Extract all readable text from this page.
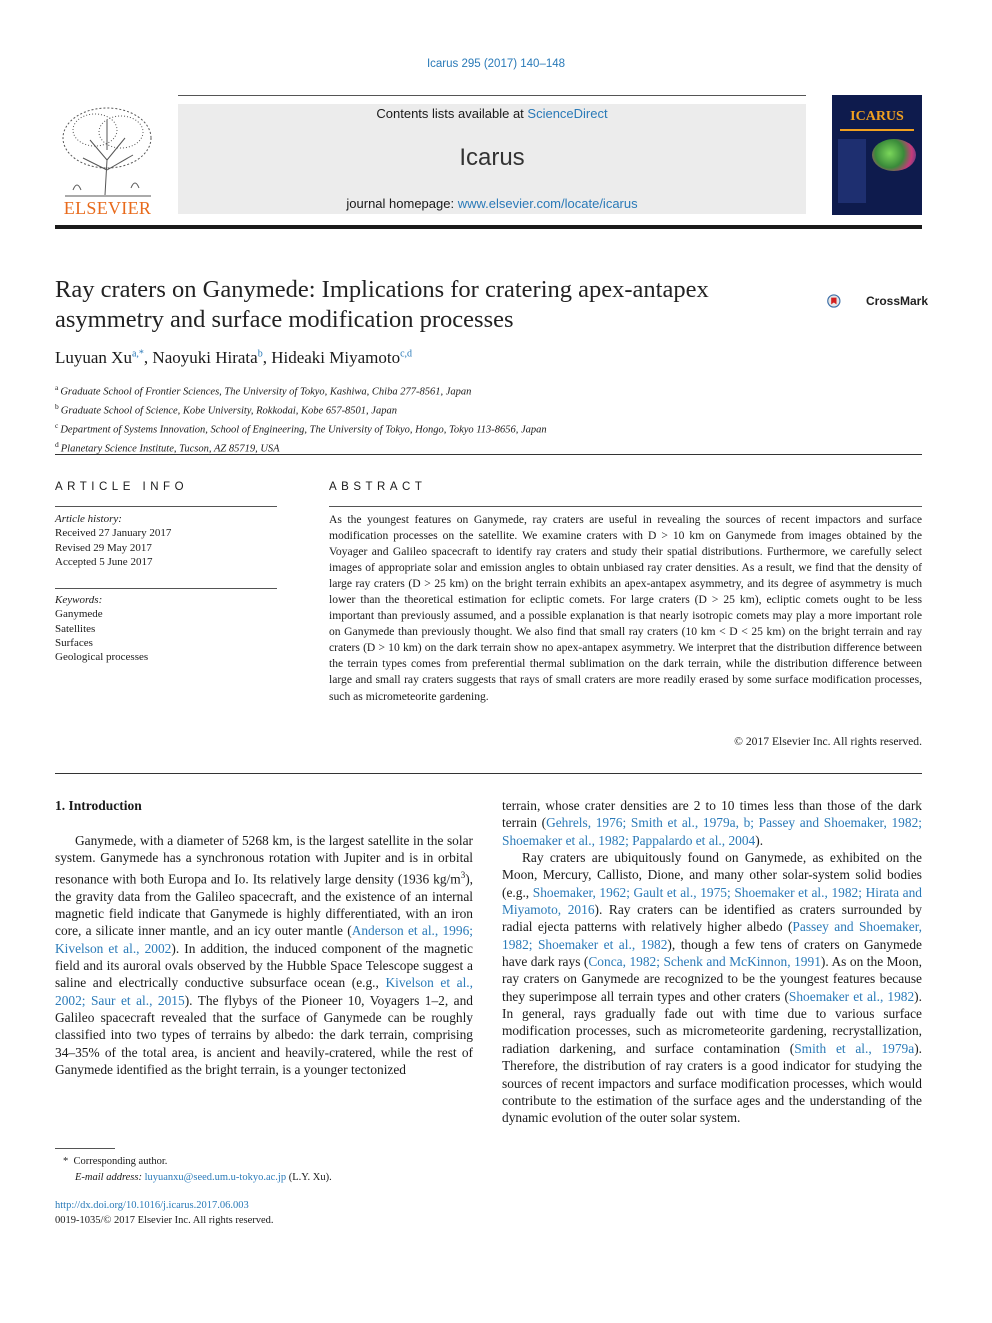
Icarus 295 (2017) 140–148
ELSEVIER
Contents lists available at ScienceDirect
Icarus
journal homepage: www.elsevier.com/locate/icarus
ICARUS
Ray craters on Ganymede: Implications for cratering apex-antapex asymmetry and surface modification processes
CrossMark
Luyuan $Xu^{a,*}$, Naoyuki Hirata$^b$, Hideaki Miyamoto$^{c,d}$
$^a$ Graduate School of Frontier Sciences, The University of Tokyo, Kashiwa, Chiba 277-8561, Japan
$^b$ Graduate School of Science, Kobe University, Rokkodai, Kobe 657-8501, Japan
$^c$ Department of Systems Innovation, School of Engineering, The University of Tokyo, Hongo, Tokyo 113-8656, Japan
$^d$ Planetary Science Institute, Tucson, AZ 85719, USA
ARTICLE INFO
Article history:
Received 27 January 2017
Revised 29 May 2017
Accepted 5 June 2017
Keywords:
Ganymede
Satellites
Surfaces
Geological processes
ABSTRACT
As the youngest features on Ganymede, ray craters are useful in revealing the sources of recent impactors and surface modification processes on the satellite. We examine craters with D > 10 km on Ganymede from images obtained by the Voyager and Galileo spacecraft to identify ray craters and study their spatial distributions. Furthermore, we carefully select images of appropriate solar and emission angles to obtain unbiased ray crater densities. As a result, we find that the density of large ray craters (D > 25 km) on the bright terrain exhibits an apex-antapex asymmetry, and its degree of asymmetry is much lower than the theoretical estimation for ecliptic comets. For large craters (D > 25 km), ecliptic comets ought to be less important than previously assumed, and a possible explanation is that nearly isotropic comets may play a more important role on Ganymede than previously thought. We also find that small ray craters (10 km < D < 25 km) on the bright terrain and ray craters (D > 10 km) on the dark terrain show no apex-antapex asymmetry. We interpret that the distribution difference between the terrain types comes from preferential thermal sublimation on the dark terrain, while the distribution difference between large and small ray craters suggests that rays of small craters are more readily erased by some surface modification processes, such as micrometeorite gardening.
© 2017 Elsevier Inc. All rights reserved.
1. Introduction

Ganymede, with a diameter of 5268 km, is the largest satellite in the solar system. Ganymede has a synchronous rotation with Jupiter and is in orbital resonance with both Europa and Io. Its relatively large density (1936 $kg/m^3$), the gravity data from the Galileo spacecraft, and the existence of an internal magnetic field indicate that Ganymede is highly differentiated, with an iron core, a silicate inner mantle, and an icy outer mantle (Anderson et al., 1996; Kivelson et al., 2002). In addition, the induced component of the magnetic field and its auroral ovals observed by the Hubble Space Telescope suggest a saline and electrically conductive subsurface ocean (e.g., Kivelson et al., 2002; Saur et al., 2015). The flybys of the Pioneer 10, Voyagers 1–2, and Galileo spacecraft revealed that the surface of Ganymede can be roughly classified into two types of terrains by albedo: the dark terrain, comprising 34–35% of the total area, is ancient and heavily-cratered, while the rest of Ganymede identified as the bright terrain, is a younger tectonized

terrain, whose crater densities are 2 to 10 times less than those of the dark terrain (Gehrels, 1976; Smith et al., 1979a, b; Passey and Shoemaker, 1982; Shoemaker et al., 1982; Pappalardo et al., 2004).

Ray craters are ubiquitously found on Ganymede, as exhibited on the Moon, Mercury, Callisto, Dione, and many other solar-system solid bodies (e.g., Shoemaker, 1962; Gault et al., 1975; Shoemaker et al., 1982; Hirata and Miyamoto, 2016). Ray craters can be identified as craters surrounded by radial ejecta patterns with relatively higher albedo (Passey and Shoemaker, 1982; Shoemaker et al., 1982), though a few tens of craters on Ganymede have dark rays (Conca, 1982; Schenk and McKinnon, 1991). As on the Moon, ray craters on Ganymede are recognized to be the youngest features because they superimpose all terrain types and other craters (Shoemaker et al., 1982). In general, rays gradually fade out with time due to various surface modification processes, such as micrometeorite gardening, recrystallization, radiation darkening, and surface contamination (Smith et al., 1979a). Therefore, the distribution of ray craters is a good indicator for studying the sources of recent impactors and surface modification processes, which would contribute to the estimation of the surface ages and the understanding of the dynamic evolution of the outer solar system.

* Corresponding author.
E-mail address: luyuanxu@seed.um.u-tokyo.ac.jp (L.Y. Xu).
http://dx.doi.org/10.1016/j.icarus.2017.06.003
0019-1035/© 2017 Elsevier Inc. All rights reserved.
